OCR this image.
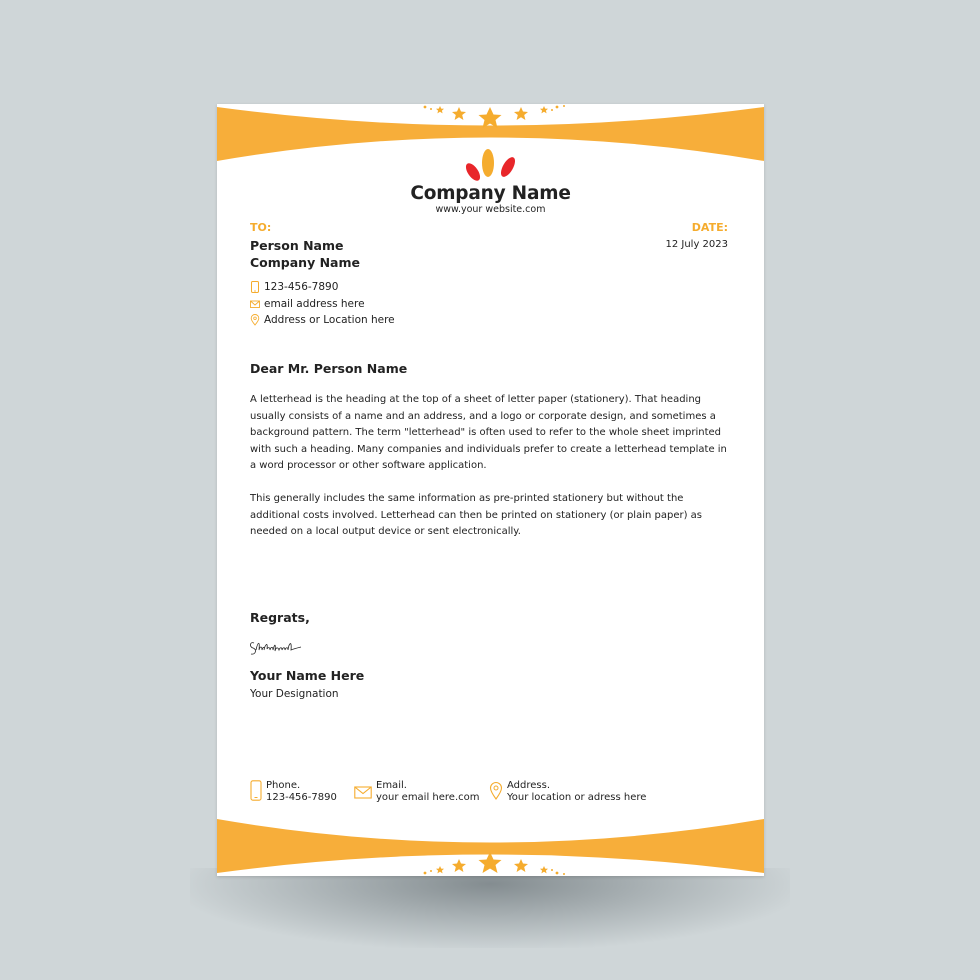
Company Name
www.your website.com
TO:	DATE:
12 July 2023
Person Name
Company Name
123-456-7890
email address here
Address or Location here
Dear Mr. Person Name

A letterhead is the heading at the top of a sheet of letter paper (stationery). That heading usually consists of a name and an address, and a logo or corporate design, and sometimes a background pattern. The term "letterhead" is often used to refer to the whole sheet imprinted with such a heading. Many companies and individuals prefer to create a letterhead template in a word processor or other software application.

This generally includes the same information as pre-printed stationery but without the additional costs involved. Letterhead can then be printed on stationery (or plain paper) as needed on a local output device or sent electronically.

Regrats,
Your Name Here
Your Designation
Phone.
123-456-7890
Email.
your email here.com
Address.
Your location or adress here
